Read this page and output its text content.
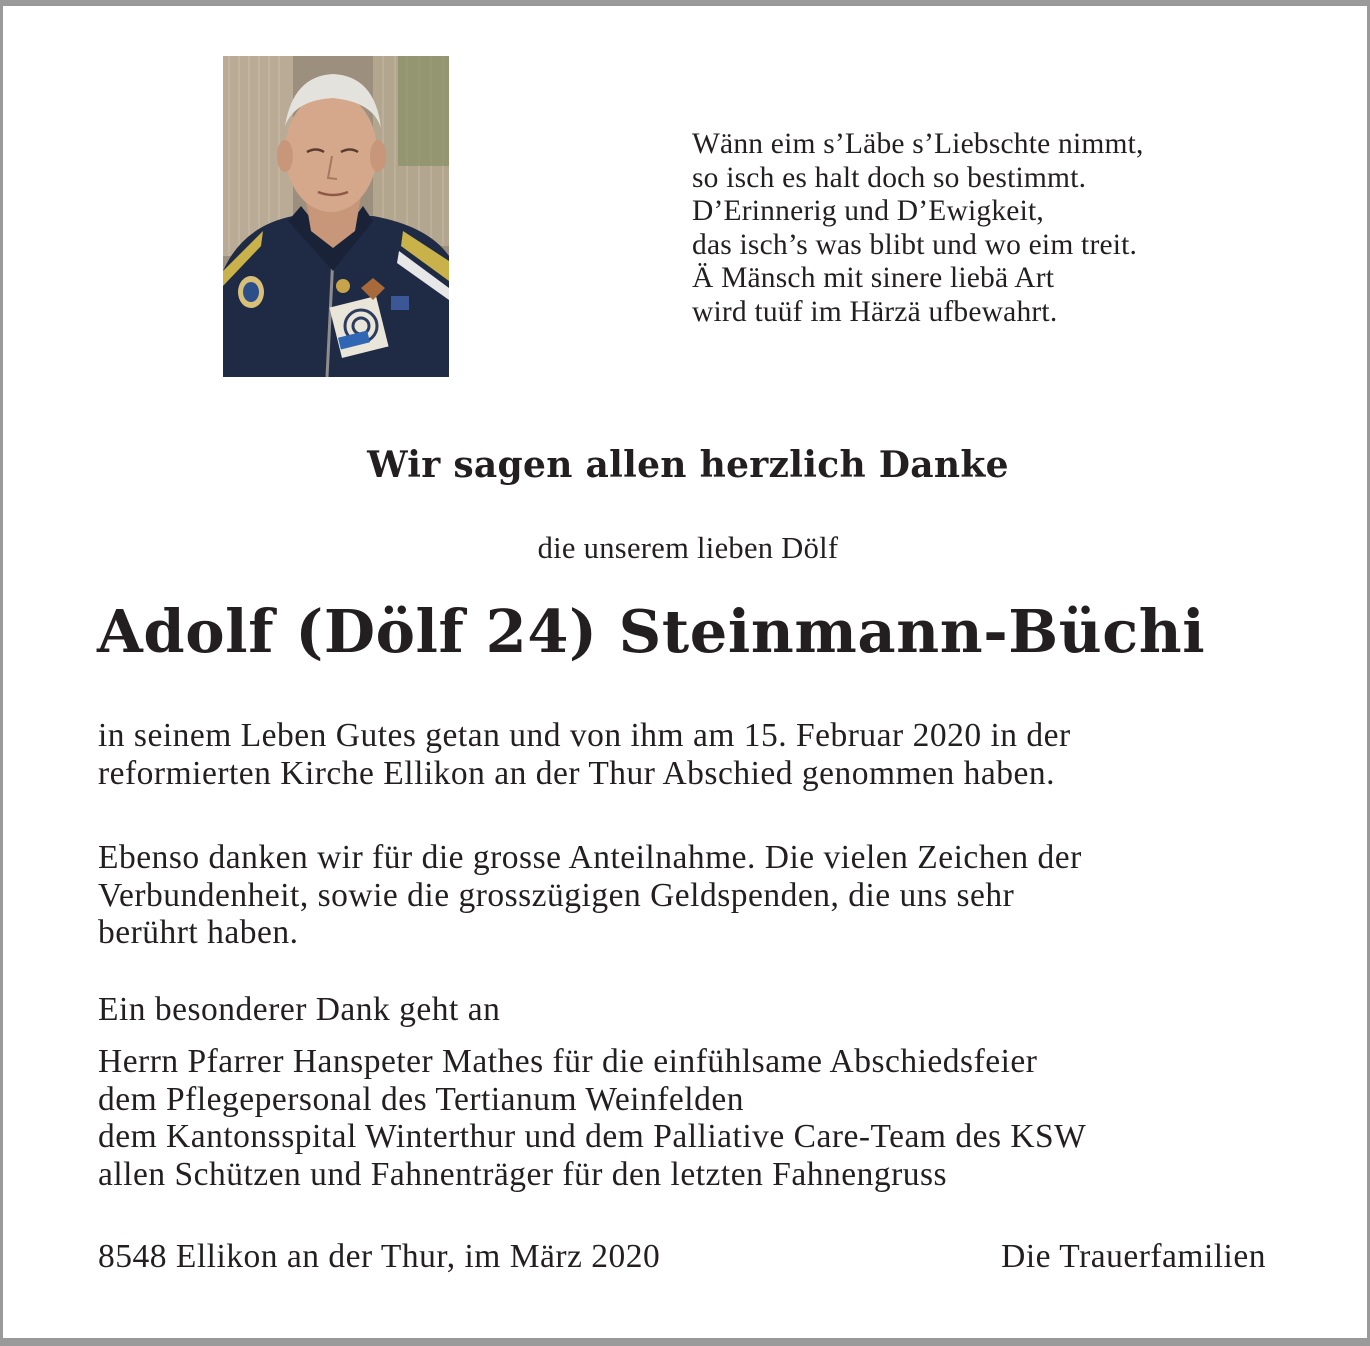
Wänn eim s’Läbe s’Liebschte nimmt,
so isch es halt doch so bestimmt.
D’Erinnerig und D’Ewigkeit,
das isch’s was blibt und wo eim treit.
Ä Mänsch mit sinere liebä Art
wird tuüf im Härzä ufbewahrt.
Wir sagen allen herzlich Danke
die unserem lieben Dölf
Adolf (Dölf 24) Steinmann-Büchi
in seinem Leben Gutes getan und von ihm am 15. Februar 2020 in der
reformierten Kirche Ellikon an der Thur Abschied genommen haben.
Ebenso danken wir für die grosse Anteilnahme. Die vielen Zeichen der
Verbundenheit, sowie die grosszügigen Geldspenden, die uns sehr
berührt haben.
Ein besonderer Dank geht an
Herrn Pfarrer Hanspeter Mathes für die einfühlsame Abschiedsfeier
dem Pflegepersonal des Tertianum Weinfelden
dem Kantonsspital Winterthur und dem Palliative Care-Team des KSW
allen Schützen und Fahnenträger für den letzten Fahnengruss
8548 Ellikon an der Thur, im März 2020	Die Trauerfamilien
